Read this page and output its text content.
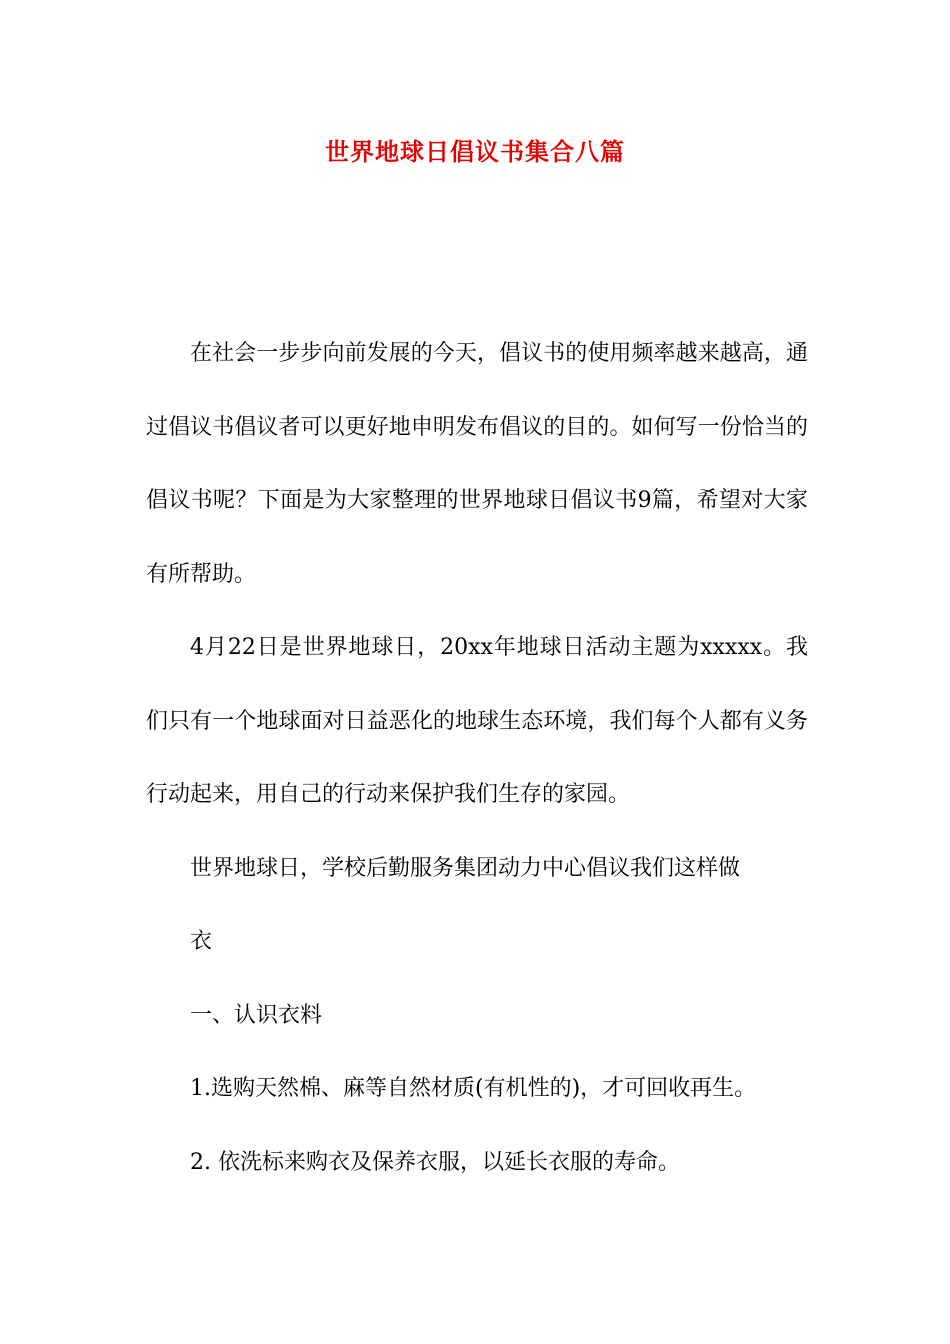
世界地球日倡议书集合八篇

在社会一步步向前发展的今天，倡议书的使用频率越来越高，通过倡议书倡议者可以更好地申明发布倡议的目的。如何写一份恰当的倡议书呢？下面是为大家整理的世界地球日倡议书9篇，希望对大家有所帮助。

4月22日是世界地球日，20xx年地球日活动主题为xxxxx。我们只有一个地球面对日益恶化的地球生态环境，我们每个人都有义务行动起来，用自己的行动来保护我们生存的家园。

世界地球日，学校后勤服务集团动力中心倡议我们这样做

衣

一、认识衣料

1.选购天然棉、麻等自然材质(有机性的)，才可回收再生。

2. 依洗标来购衣及保养衣服，以延长衣服的寿命。
